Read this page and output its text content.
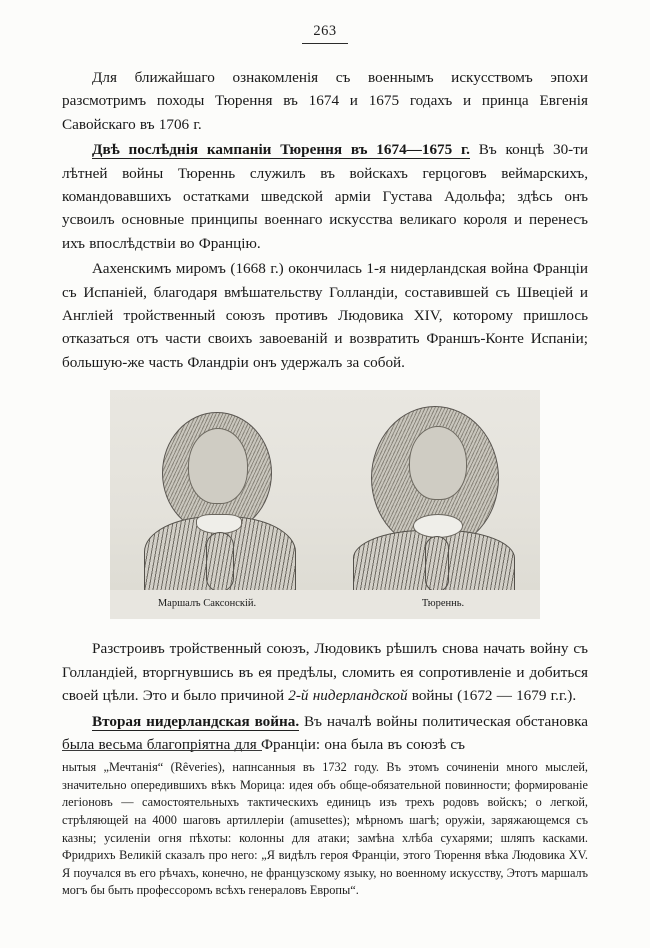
263

Для ближайшаго ознакомленія съ военнымъ искусствомъ эпохи разсмотримъ походы Тюрення въ 1674 и 1675 годахъ и принца Евгенія Савойскаго въ 1706 г.

Двѣ послѣднія кампаніи Тюрення въ 1674—1675 г. Въ концѣ 30-ти лѣтней войны Тюреннь служилъ въ войскахъ герцоговъ веймарскихъ, командовавшихъ остатками шведской арміи Густава Адольфа; здѣсь онъ усвоилъ основные принципы военнаго искусства великаго короля и перенесъ ихъ впослѣдствіи во Францію.

Аахенскимъ миромъ (1668 г.) окончилась 1-я нидерландская война Франціи съ Испаніей, благодаря вмѣшательству Голландіи, составившей съ Швеціей и Англіей тройственный союзъ противъ Людовика XIV, которому пришлось отказаться отъ части своихъ завоеваній и возвратить Франшъ-Конте Испаніи; большую-же часть Фландріи онъ удержалъ за собой.

Маршалъ Саксонскій.	Тюреннь.

Разстроивъ тройственный союзъ, Людовикъ рѣшилъ снова начать войну съ Голландіей, вторгнувшись въ ея предѣлы, сломить ея сопротивленіе и добиться своей цѣли. Это и было причиной 2-й нидерландской войны (1672 — 1679 г.г.).

Вторая нидерландская война. Въ началѣ войны политическая обстановка была весьма благопріятна для Франціи: она была въ союзѣ съ

нытыя „Мечтанія“ (Rêveries), напнсанныя въ 1732 году. Въ этомъ сочиненіи много мыслей, значительно опередившихъ вѣкъ Морица: идея объ обще-обязательной повинности; формированіе легіоновъ — самостоятельныхъ тактическихъ единицъ изъ трехъ родовъ войскъ; о легкой, стрѣляющей на 4000 шаговъ артиллеріи (amusettes); мѣрномъ шагѣ; оружіи, заряжающемся съ казны; усиленіи огня пѣхоты: колонны для атаки; замѣна хлѣба сухарями; шляпъ касками. Фридрихъ Великій сказалъ про него: „Я видѣлъ героя Франціи, этого Тюрення вѣка Людовика XV. Я поучался въ его рѣчахъ, конечно, не французскому языку, но военному искусству, Этотъ маршалъ могъ бы быть профессоромъ всѣхъ генераловъ Европы“.
